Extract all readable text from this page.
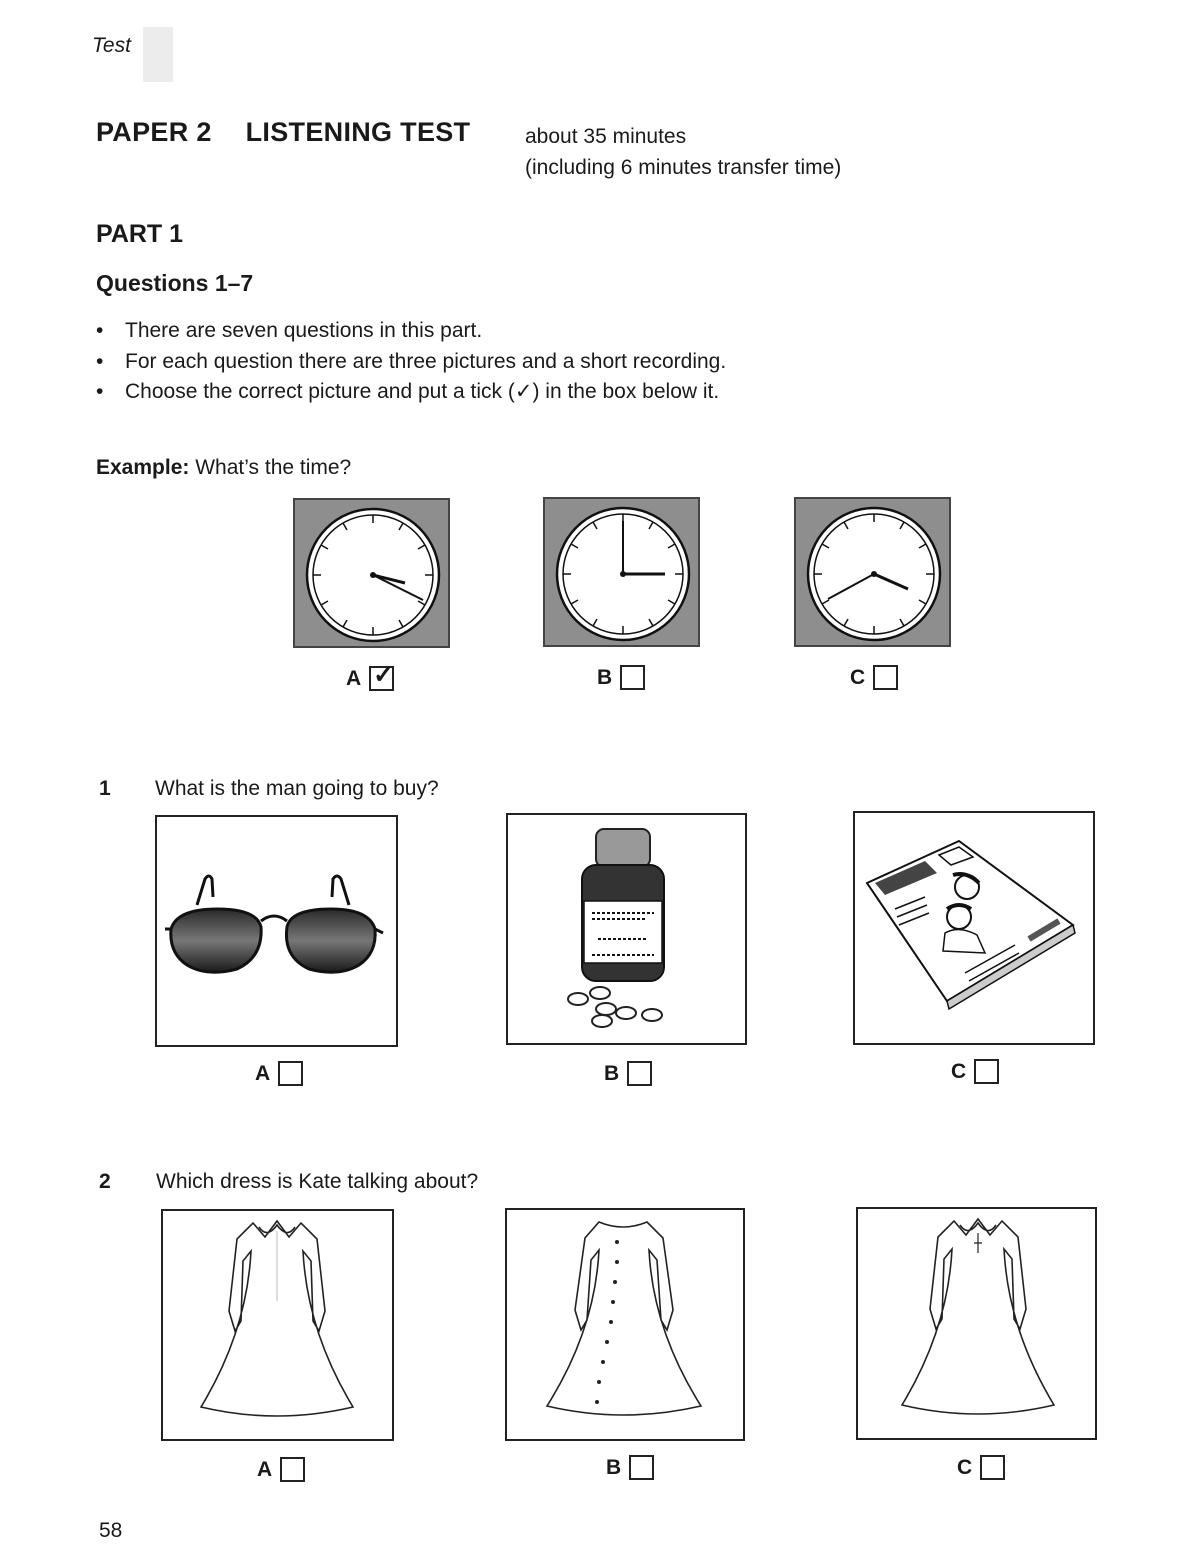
Test
PAPER 2 LISTENING TEST	about 35 minutes
(including 6 minutes transfer time)
PART 1
Questions 1–7
• There are seven questions in this part.
• For each question there are three pictures and a short recording.
• Choose the correct picture and put a tick (✓) in the box below it.
Example: What’s the time?
A ✓	B	C
1 What is the man going to buy?
A	B	C
2 Which dress is Kate talking about?
A	B	C
58
